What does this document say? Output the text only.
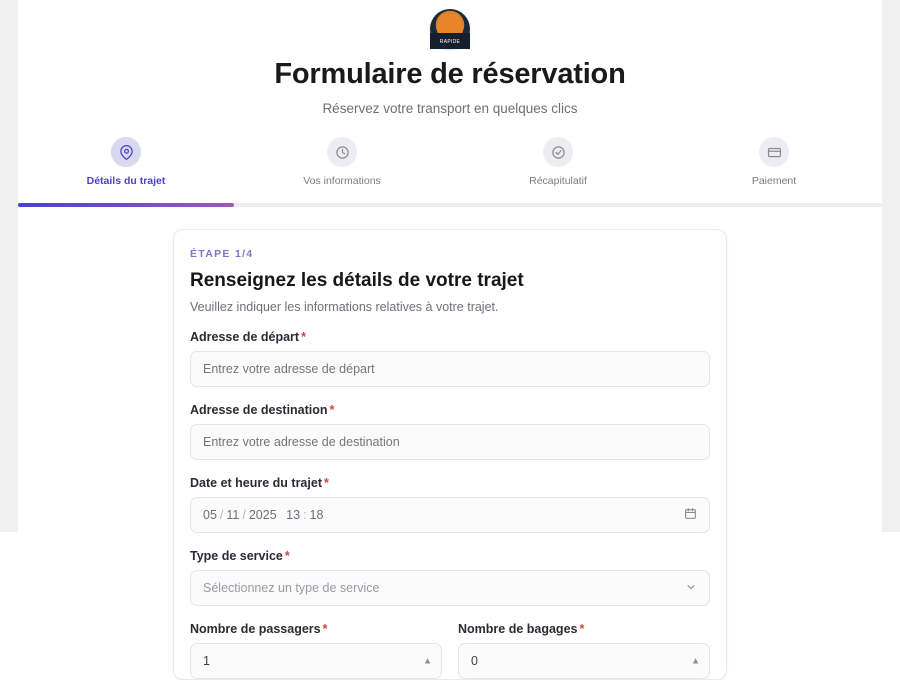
RAPIDE
Formulaire de réservation

Réservez votre transport en quelques clics

Détails du trajet	Vos informations	Récapitulatif	Paiement
ÉTAPE 1/4
Renseignez les détails de votre trajet

Veuillez indiquer les informations relatives à votre trajet.

Adresse de départ *
Entrez votre adresse de départ
Adresse de destination *
Entrez votre adresse de destination
Date et heure du trajet *
05 / 11 / 2025
13 : 18
Type de service *
Sélectionnez un type de service
Nombre de passagers *
1	▲
Nombre de bagages *
0	▲
